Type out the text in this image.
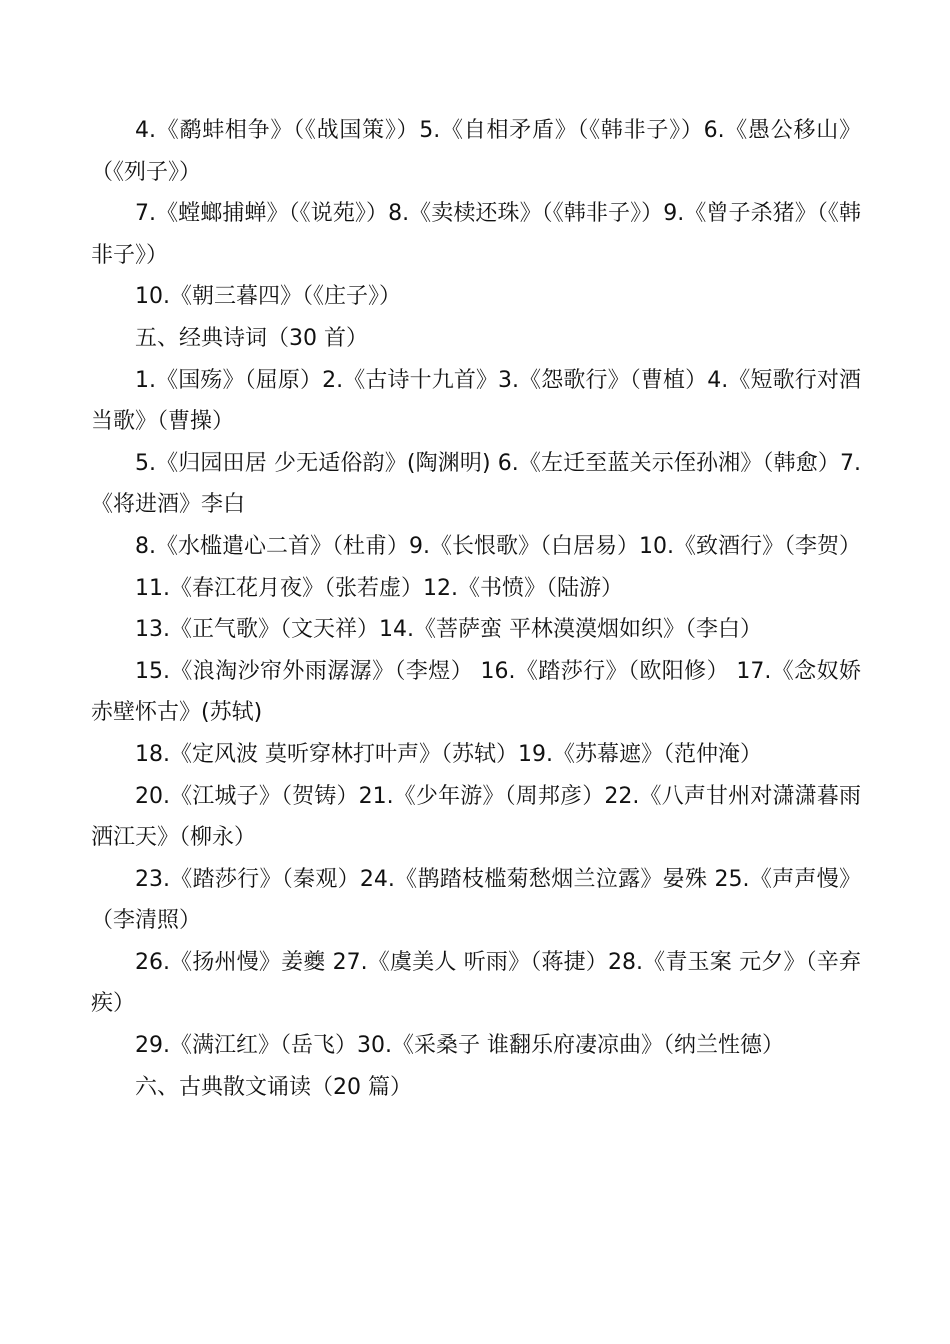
4.《鹬蚌相争》（《战国策》）5.《自相矛盾》（《韩非子》）6.《愚公移山》（《列子》）

7.《螳螂捕蝉》（《说苑》）8.《卖椟还珠》（《韩非子》）9.《曾子杀猪》（《韩非子》）

10.《朝三暮四》（《庄子》）

五、经典诗词（30 首）

1.《国殇》（屈原）2.《古诗十九首》3.《怨歌行》（曹植）4.《短歌行对酒当歌》（曹操）

5.《归园田居 少无适俗韵》(陶渊明) 6.《左迁至蓝关示侄孙湘》（韩愈）7.《将进酒》李白

8.《水槛遣心二首》（杜甫）9.《长恨歌》（白居易）10.《致酒行》（李贺）

11.《春江花月夜》（张若虚）12.《书愤》（陆游）

13.《正气歌》（文天祥）14.《菩萨蛮 平林漠漠烟如织》（李白）

15.《浪淘沙帘外雨潺潺》（李煜） 16.《踏莎行》（欧阳修） 17.《念奴娇赤壁怀古》(苏轼)

18.《定风波 莫听穿林打叶声》（苏轼）19.《苏幕遮》（范仲淹）

20.《江城子》（贺铸）21.《少年游》（周邦彦）22.《八声甘州对潇潇暮雨洒江天》（柳永）

23.《踏莎行》（秦观）24.《鹊踏枝槛菊愁烟兰泣露》晏殊 25.《声声慢》（李清照）

26.《扬州慢》姜夔 27.《虞美人 听雨》（蒋捷）28.《青玉案 元夕》（辛弃疾）

29.《满江红》（岳飞）30.《采桑子 谁翻乐府凄凉曲》（纳兰性德）

六、古典散文诵读（20 篇）
